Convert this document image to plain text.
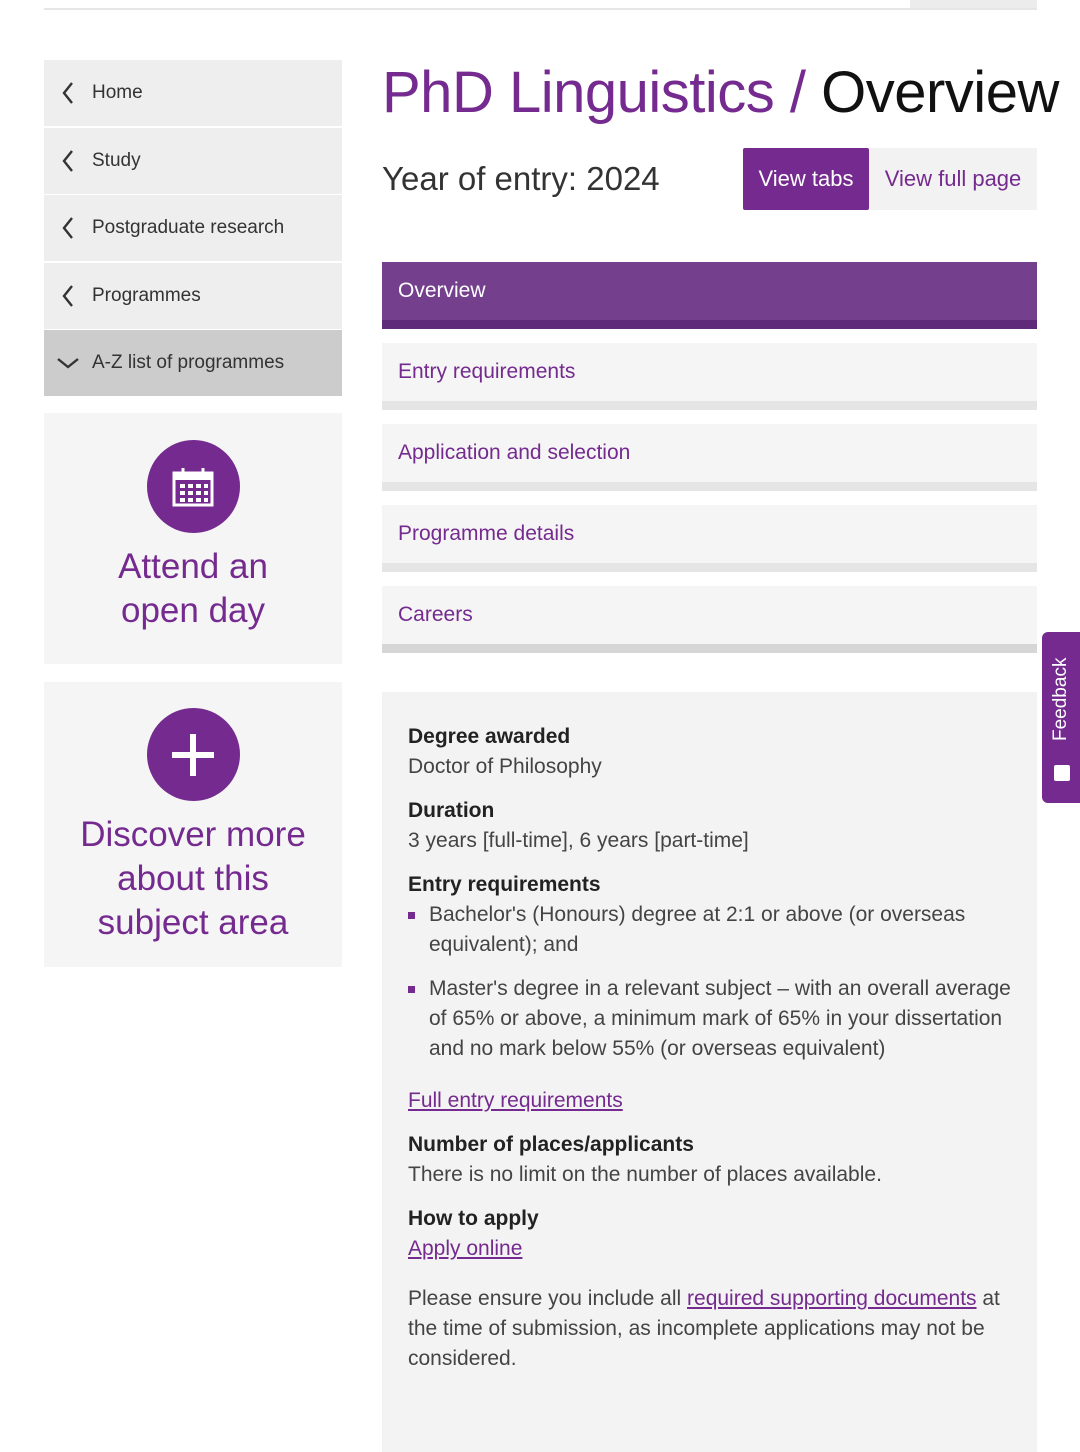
Home
Study
Postgraduate research
Programmes
A-Z list of programmes
Attend an open day
Discover more about this subject area
PhD Linguistics / Overview
Year of entry: 2024	View tabs	View full page
Overview
Entry requirements
Application and selection
Programme details
Careers
Degree awarded
Doctor of Philosophy
Duration
3 years [full-time], 6 years [part-time]
Entry requirements
Bachelor's (Honours) degree at 2:1 or above (or overseas equivalent); and
Master's degree in a relevant subject – with an overall average of 65% or above, a minimum mark of 65% in your dissertation and no mark below 55% (or overseas equivalent)
Full entry requirements
Number of places/applicants
There is no limit on the number of places available.
How to apply
Apply online
Please ensure you include all required supporting documents at the time of submission, as incomplete applications may not be considered.
Feedback
